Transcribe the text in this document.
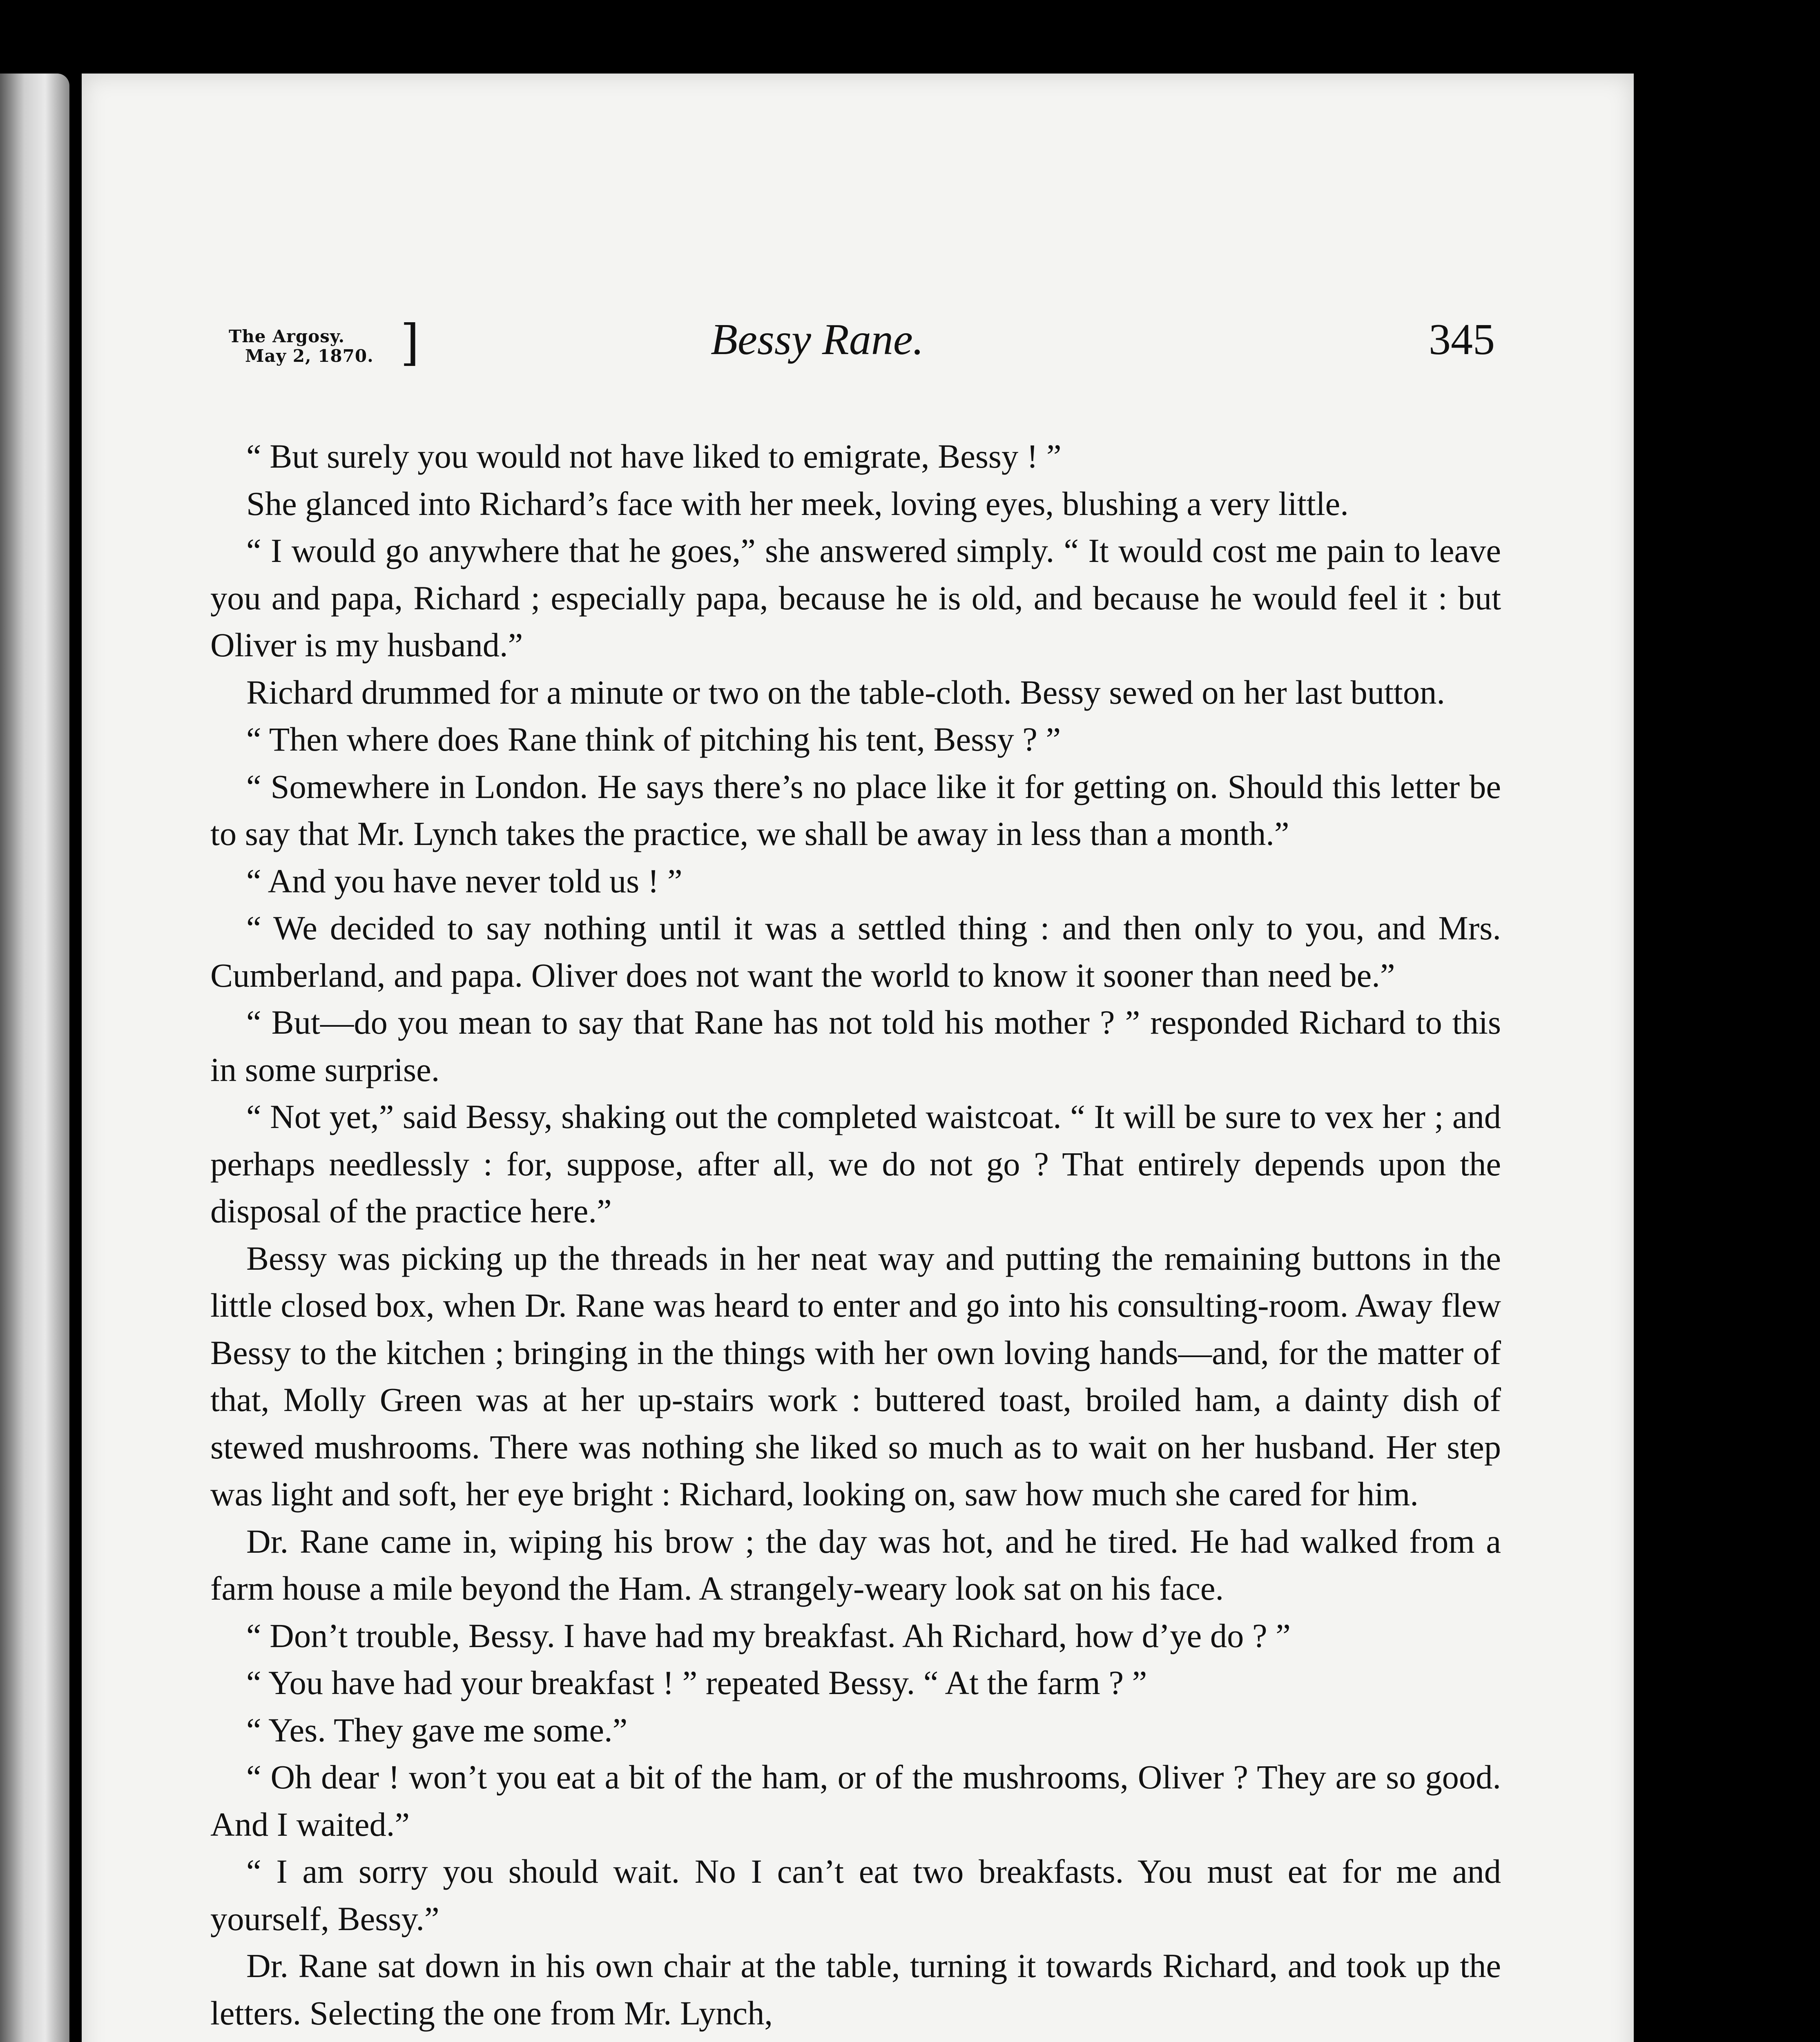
The Argosy.
May 2, 1870. ]	Bessy Rane.	345

“ But surely you would not have liked to emigrate, Bessy ! ”

She glanced into Richard’s face with her meek, loving eyes, blushing a very little.

“ I would go anywhere that he goes,” she answered simply. “ It would cost me pain to leave you and papa, Richard ; especially papa, because he is old, and because he would feel it : but Oliver is my husband.”

Richard drummed for a minute or two on the table-cloth. Bessy sewed on her last button.

“ Then where does Rane think of pitching his tent, Bessy ? ”

“ Somewhere in London. He says there’s no place like it for getting on. Should this letter be to say that Mr. Lynch takes the practice, we shall be away in less than a month.”

“ And you have never told us ! ”

“ We decided to say nothing until it was a settled thing : and then only to you, and Mrs. Cumberland, and papa. Oliver does not want the world to know it sooner than need be.”

“ But—do you mean to say that Rane has not told his mother ? ” responded Richard to this in some surprise.

“ Not yet,” said Bessy, shaking out the completed waistcoat. “ It will be sure to vex her ; and perhaps needlessly : for, suppose, after all, we do not go ? That entirely depends upon the disposal of the practice here.”

Bessy was picking up the threads in her neat way and putting the remaining buttons in the little closed box, when Dr. Rane was heard to enter and go into his consulting-room. Away flew Bessy to the kitchen ; bringing in the things with her own loving hands—and, for the matter of that, Molly Green was at her up-stairs work : buttered toast, broiled ham, a dainty dish of stewed mushrooms. There was nothing she liked so much as to wait on her husband. Her step was light and soft, her eye bright : Richard, looking on, saw how much she cared for him.

Dr. Rane came in, wiping his brow ; the day was hot, and he tired. He had walked from a farm house a mile beyond the Ham. A strangely-weary look sat on his face.

“ Don’t trouble, Bessy. I have had my breakfast. Ah Richard, how d’ye do ? ”

“ You have had your breakfast ! ” repeated Bessy. “ At the farm ? ”

“ Yes. They gave me some.”

“ Oh dear ! won’t you eat a bit of the ham, or of the mushrooms, Oliver ? They are so good. And I waited.”

“ I am sorry you should wait. No I can’t eat two breakfasts. You must eat for me and yourself, Bessy.”

Dr. Rane sat down in his own chair at the table, turning it towards Richard, and took up the letters. Selecting the one from Mr. Lynch,
